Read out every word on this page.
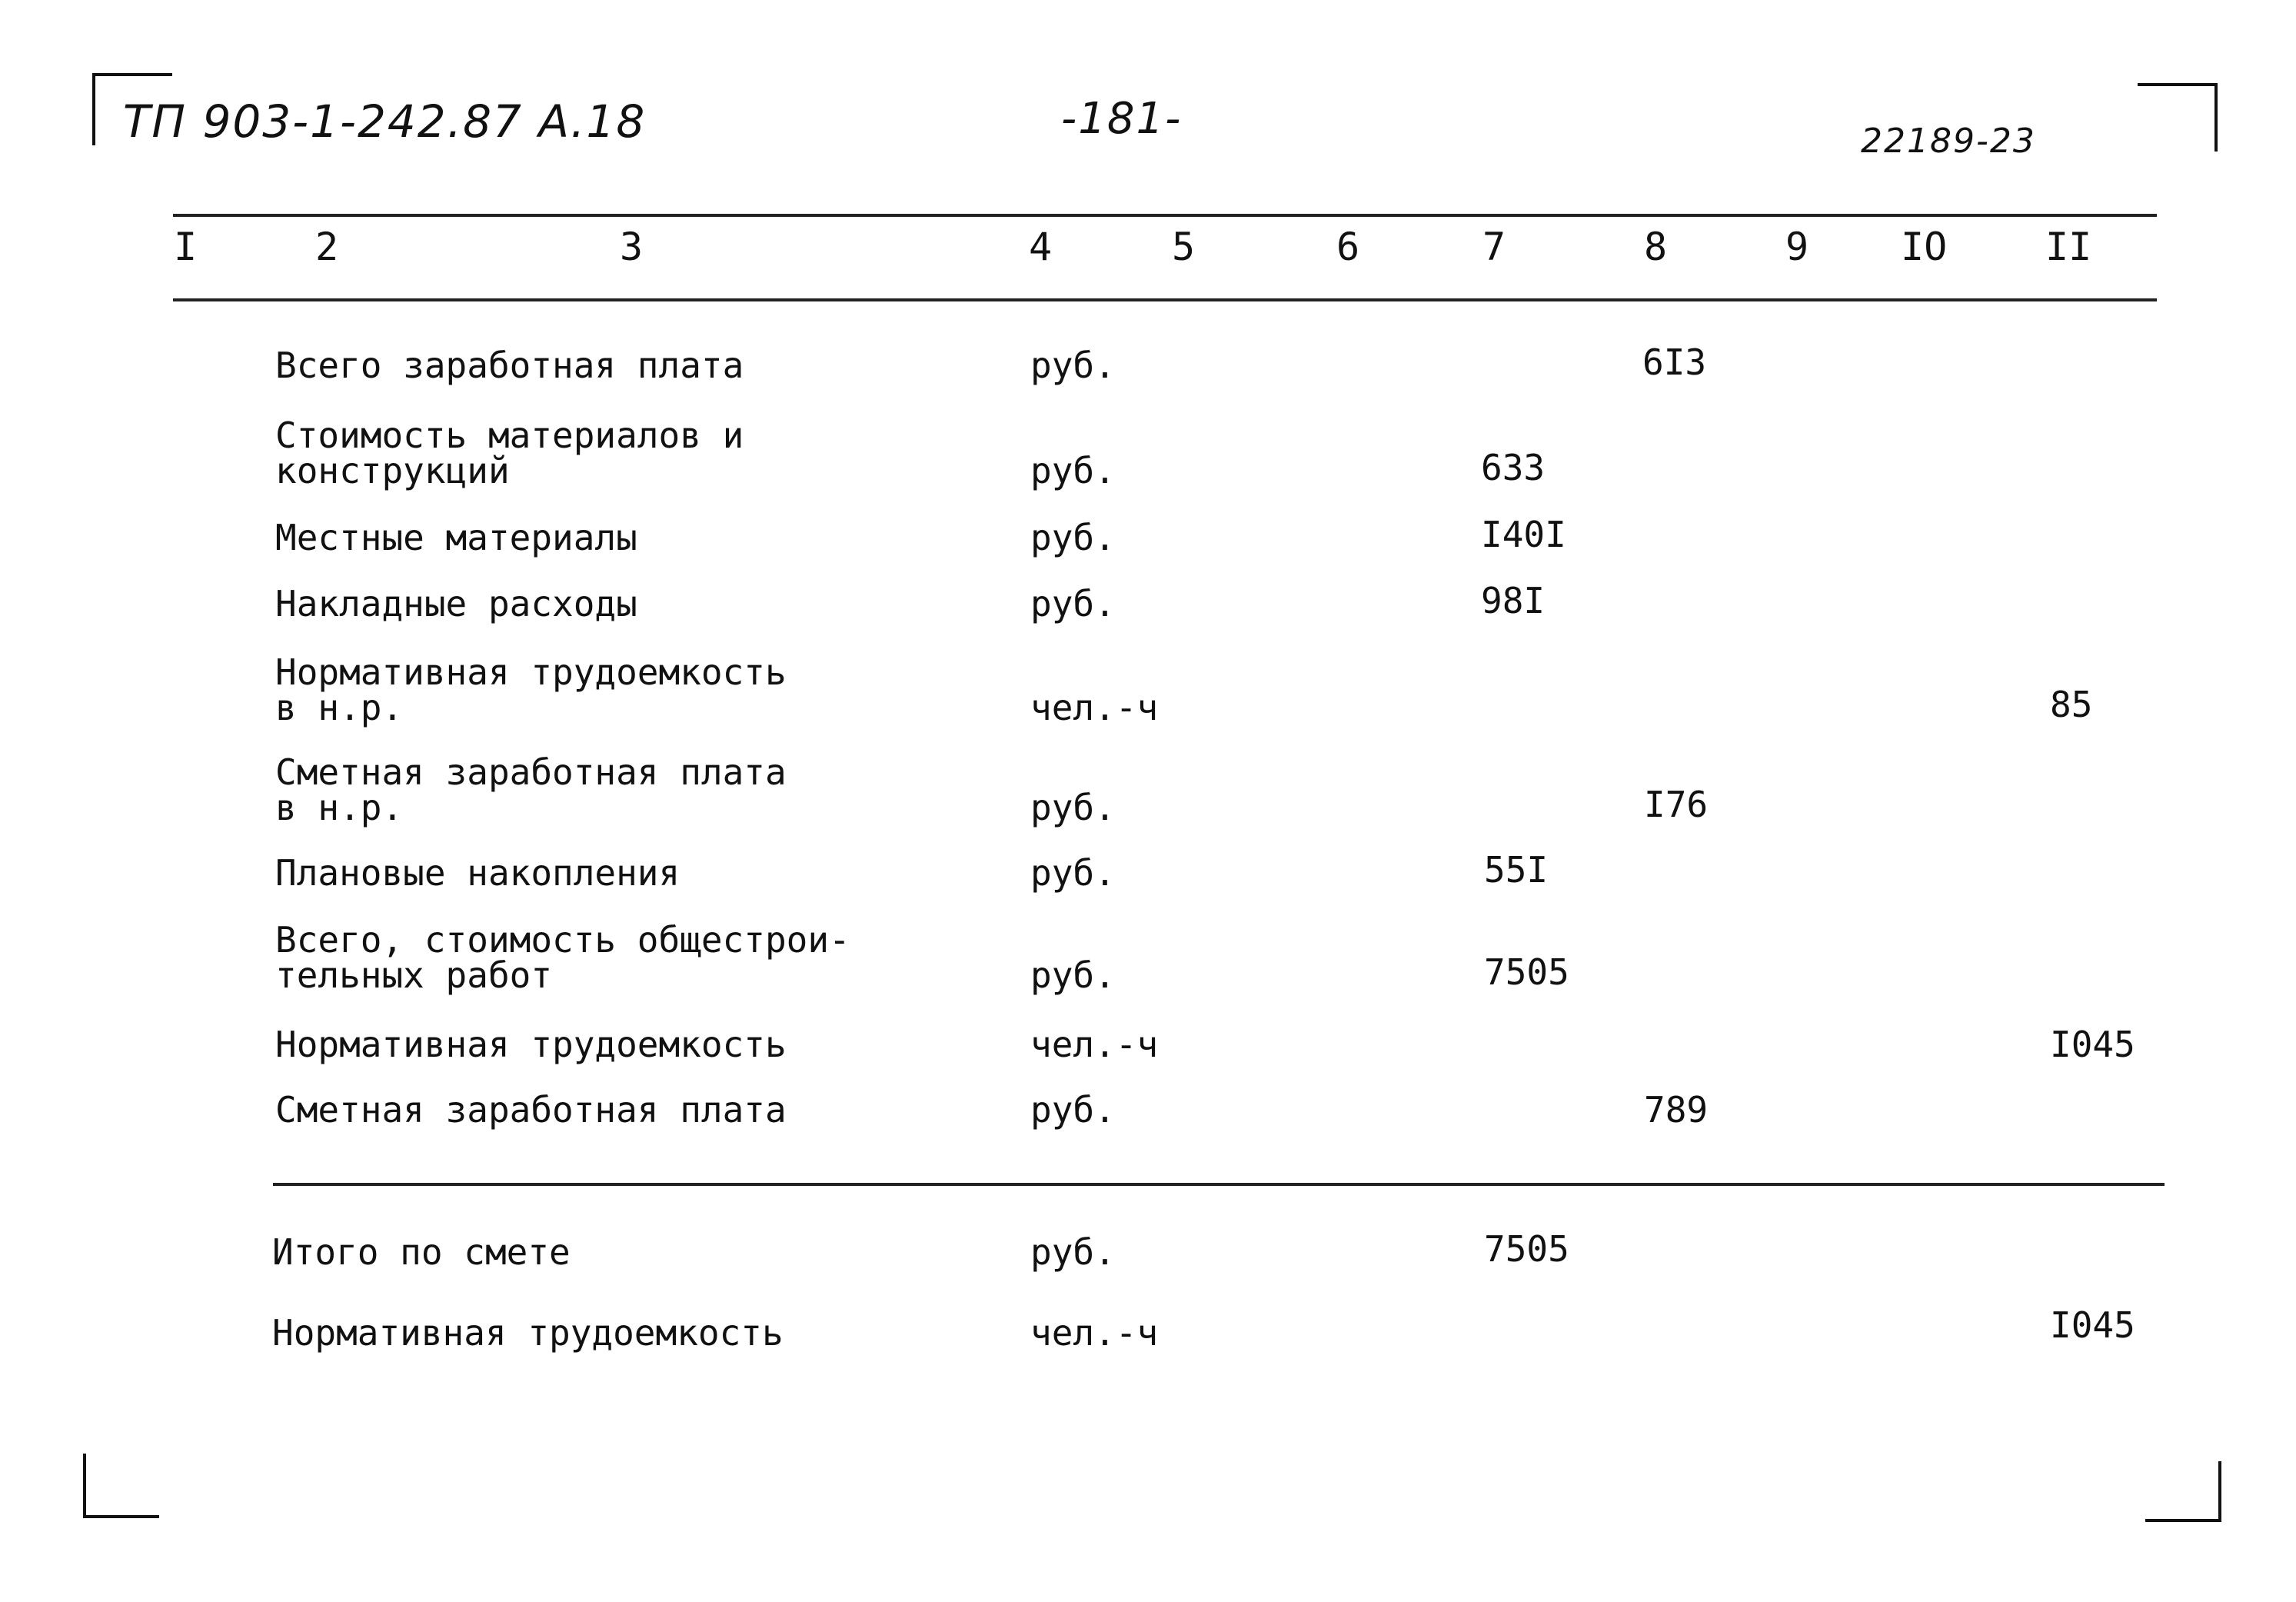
ТП 903-1-242.87 А.18	-181-	22189-23
I	2	3	4	5	6	7	8	9 IO	II
Всего заработная плата	руб.	6I3
Стоимость материалов и
конструкций	руб.	633
Местные материалы	руб.	I40I
Накладные расходы	руб.	98I
Нормативная трудоемкость
в н.р.	чел.-ч	85
Сметная заработная плата
в н.р.	руб.	I76
Плановые накопления	руб.	55I
Всего, стоимость общестрои-
тельных работ	руб.	7505
Нормативная трудоемкость	чел.-ч	I045
Сметная заработная плата	руб.	789
Итого по смете	руб.	7505
Нормативная трудоемкость	чел.-ч	I045
